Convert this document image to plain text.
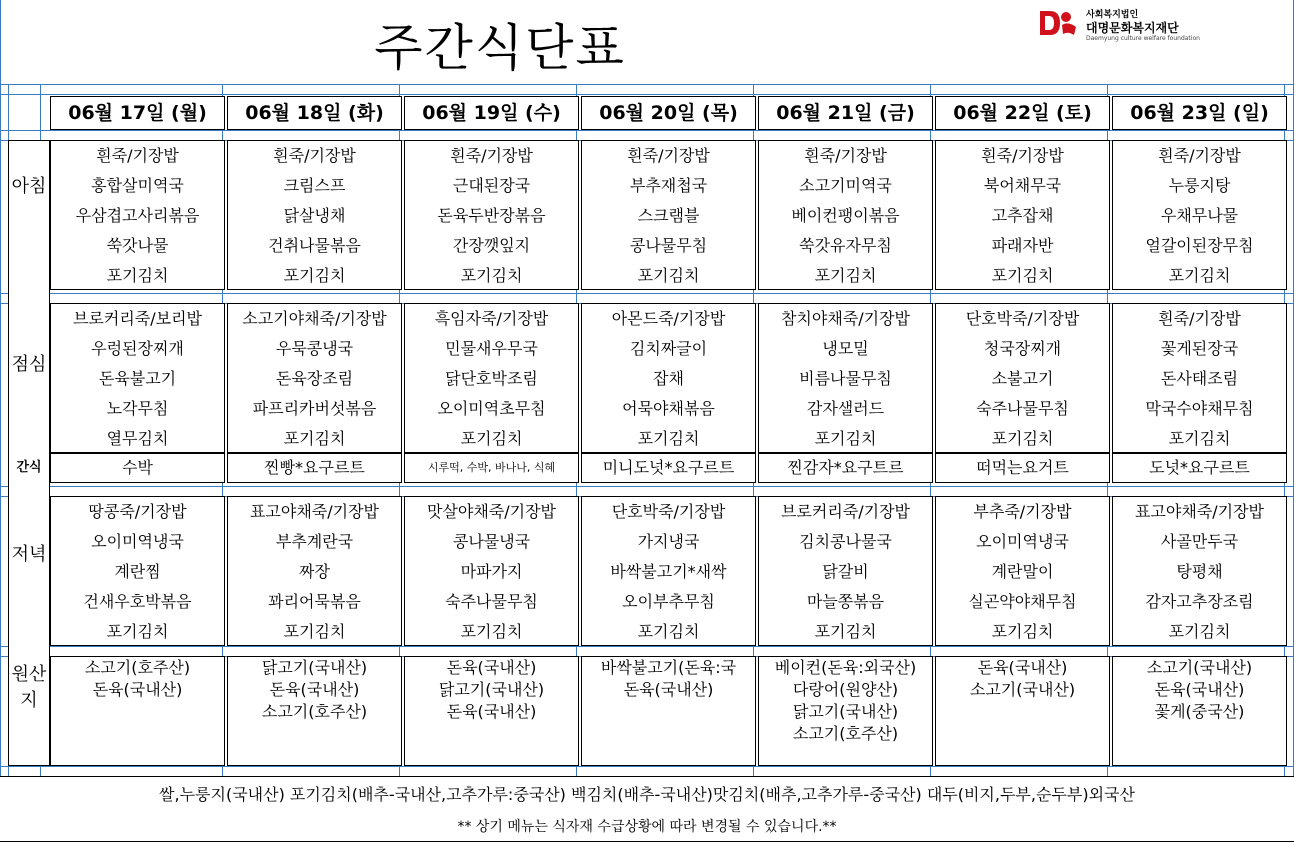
주간식단표
사회복지법인
대명문화복지재단
Daemyung culture welfare foundation
아침
점심
간식
저녁
원산지
06월 17일 (월)
흰죽/기장밥
홍합살미역국
우삼겹고사리볶음
쑥갓나물
포기김치
브로커리죽/보리밥
우렁된장찌개
돈육불고기
노각무침
열무김치
땅콩죽/기장밥
오이미역냉국
계란찜
건새우호박볶음
포기김치
수박
소고기(호주산)
돈육(국내산)
06월 18일 (화)
흰죽/기장밥
크림스프
닭살냉채
건취나물볶음
포기김치
소고기야채죽/기장밥
우묵콩냉국
돈육장조림
파프리카버섯볶음
포기김치
표고야채죽/기장밥
부추계란국
짜장
꽈리어묵볶음
포기김치
찐빵*요구르트
닭고기(국내산)
돈육(국내산)
소고기(호주산)
06월 19일 (수)
흰죽/기장밥
근대된장국
돈육두반장볶음
간장깻잎지
포기김치
흑임자죽/기장밥
민물새우무국
닭단호박조림
오이미역초무침
포기김치
맛살야채죽/기장밥
콩나물냉국
마파가지
숙주나물무침
포기김치
시루떡, 수박, 바나나, 식혜
돈육(국내산)
닭고기(국내산)
돈육(국내산)
06월 20일 (목)
흰죽/기장밥
부추재첩국
스크램블
콩나물무침
포기김치
아몬드죽/기장밥
김치짜글이
잡채
어묵야채볶음
포기김치
단호박죽/기장밥
가지냉국
바싹불고기*새싹
오이부추무침
포기김치
미니도넛*요구르트
바싹불고기(돈육:국
돈육(국내산)
06월 21일 (금)
흰죽/기장밥
소고기미역국
베이컨팽이볶음
쑥갓유자무침
포기김치
참치야채죽/기장밥
냉모밀
비름나물무침
감자샐러드
포기김치
브로커리죽/기장밥
김치콩나물국
닭갈비
마늘쫑볶음
포기김치
찐감자*요구트르
베이컨(돈육:외국산)
다랑어(원양산)
닭고기(국내산)
소고기(호주산)
06월 22일 (토)
흰죽/기장밥
북어채무국
고추잡채
파래자반
포기김치
단호박죽/기장밥
청국장찌개
소불고기
숙주나물무침
포기김치
부추죽/기장밥
오이미역냉국
계란말이
실곤약야채무침
포기김치
떠먹는요거트
돈육(국내산)
소고기(국내산)
06월 23일 (일)
흰죽/기장밥
누룽지탕
우채무나물
얼갈이된장무침
포기김치
흰죽/기장밥
꽃게된장국
돈사태조림
막국수야채무침
포기김치
표고야채죽/기장밥
사골만두국
탕평채
감자고추장조림
포기김치
도넛*요구르트
소고기(국내산)
돈육(국내산)
꽃게(중국산)
쌀,누룽지(국내산) 포기김치(배추-국내산,고추가루:중국산) 백김치(배추-국내산)맛김치(배추,고추가루-중국산) 대두(비지,두부,순두부)외국산
** 상기 메뉴는 식자재 수급상황에 따라 변경될 수 있습니다.**
